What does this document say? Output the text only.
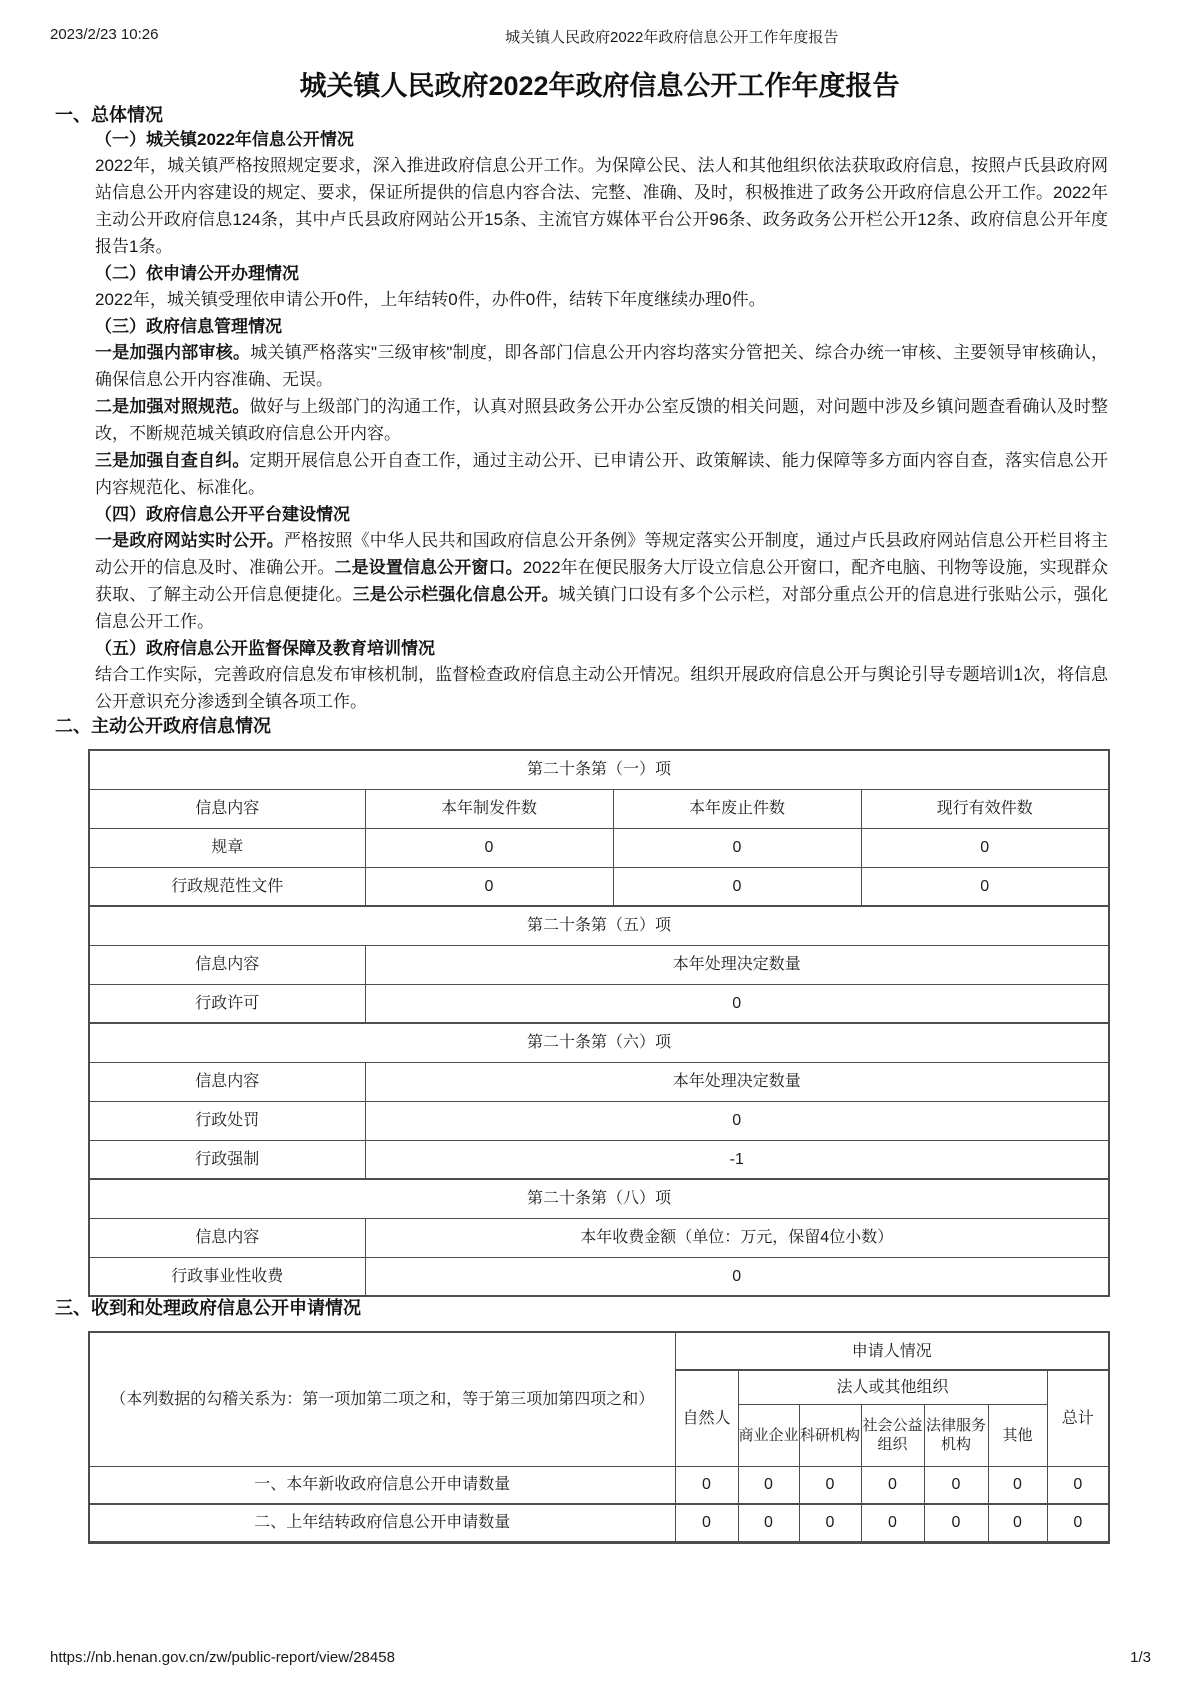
2023/2/23 10:26	城关镇人民政府2022年政府信息公开工作年度报告
城关镇人民政府2022年政府信息公开工作年度报告
一、总体情况
（一）城关镇2022年信息公开情况

2022年，城关镇严格按照规定要求，深入推进政府信息公开工作。为保障公民、法人和其他组织依法获取政府信息，按照卢氏县政府网站信息公开内容建设的规定、要求，保证所提供的信息内容合法、完整、准确、及时，积极推进了政务公开政府信息公开工作。2022年主动公开政府信息124条，其中卢氏县政府网站公开15条、主流官方媒体平台公开96条、政务政务公开栏公开12条、政府信息公开年度报告1条。

（二）依申请公开办理情况

2022年，城关镇受理依申请公开0件，上年结转0件，办件0件，结转下年度继续办理0件。

（三）政府信息管理情况

一是加强内部审核。城关镇严格落实"三级审核"制度，即各部门信息公开内容均落实分管把关、综合办统一审核、主要领导审核确认，确保信息公开内容准确、无误。

二是加强对照规范。做好与上级部门的沟通工作，认真对照县政务公开办公室反馈的相关问题，对问题中涉及乡镇问题查看确认及时整改，不断规范城关镇政府信息公开内容。

三是加强自查自纠。定期开展信息公开自查工作，通过主动公开、已申请公开、政策解读、能力保障等多方面内容自查，落实信息公开内容规范化、标准化。

（四）政府信息公开平台建设情况

一是政府网站实时公开。严格按照《中华人民共和国政府信息公开条例》等规定落实公开制度，通过卢氏县政府网站信息公开栏目将主动公开的信息及时、准确公开。二是设置信息公开窗口。2022年在便民服务大厅设立信息公开窗口，配齐电脑、刊物等设施，实现群众获取、了解主动公开信息便捷化。三是公示栏强化信息公开。城关镇门口设有多个公示栏，对部分重点公开的信息进行张贴公示，强化信息公开工作。

（五）政府信息公开监督保障及教育培训情况

结合工作实际，完善政府信息发布审核机制，监督检查政府信息主动公开情况。组织开展政府信息公开与舆论引导专题培训1次，将信息公开意识充分渗透到全镇各项工作。

二、主动公开政府信息情况
第二十条第（一）项			
信息内容	本年制发件数	本年废止件数	现行有效件数
规章	0	0	0
行政规范性文件	0	0	0
第二十条第（五）项			
信息内容	本年处理决定数量		
行政许可	0		
第二十条第（六）项			
信息内容	本年处理决定数量		
行政处罚	0		
行政强制	-1		
第二十条第（八）项			
信息内容	本年收费金额（单位：万元，保留4位小数）		
行政事业性收费	0		
三、收到和处理政府信息公开申请情况
（本列数据的勾稽关系为：第一项加第二项之和，等于第三项加第四项之和）	申请人情况						
	自然人	法人或其他组织					总计
		商业企业	科研机构	社会公益组织	法律服务机构	其他	
一、本年新收政府信息公开申请数量	0	0	0	0	0	0	0
二、上年结转政府信息公开申请数量	0	0	0	0	0	0	0
https://nb.henan.gov.cn/zw/public-report/view/28458	1/3
